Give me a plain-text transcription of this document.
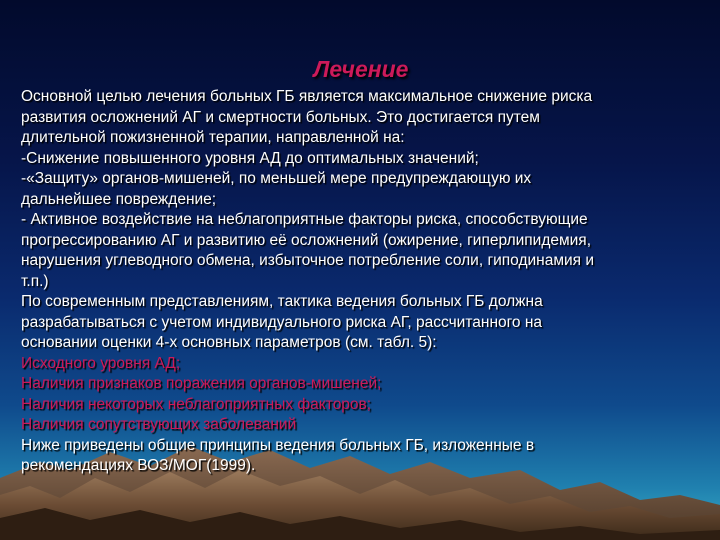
Лечение
Основной целью лечения больных ГБ является максимальное снижение риска
развития осложнений АГ и смертности больных. Это достигается путем
длительной пожизненной терапии, направленной на:
-Снижение повышенного уровня АД до оптимальных значений;
-«Защиту» органов-мишеней, по меньшей мере предупреждающую их
дальнейшее повреждение;
- Активное воздействие на неблагоприятные факторы риска, способствующие
прогрессированию АГ и развитию её осложнений (ожирение, гиперлипидемия,
нарушения углеводного обмена, избыточное потребление соли, гиподинамия и
т.п.)
По современным представлениям, тактика ведения больных ГБ должна
разрабатываться с учетом индивидуального риска АГ, рассчитанного на
основании оценки 4-х основных параметров (см. табл. 5):
Исходного уровня АД;
Наличия признаков поражения органов-мишеней;
Наличия некоторых неблагоприятных факторов;
Наличия сопутствующих заболеваний
Ниже приведены общие принципы ведения больных ГБ, изложенные в
рекомендациях ВОЗ/МОГ(1999).
